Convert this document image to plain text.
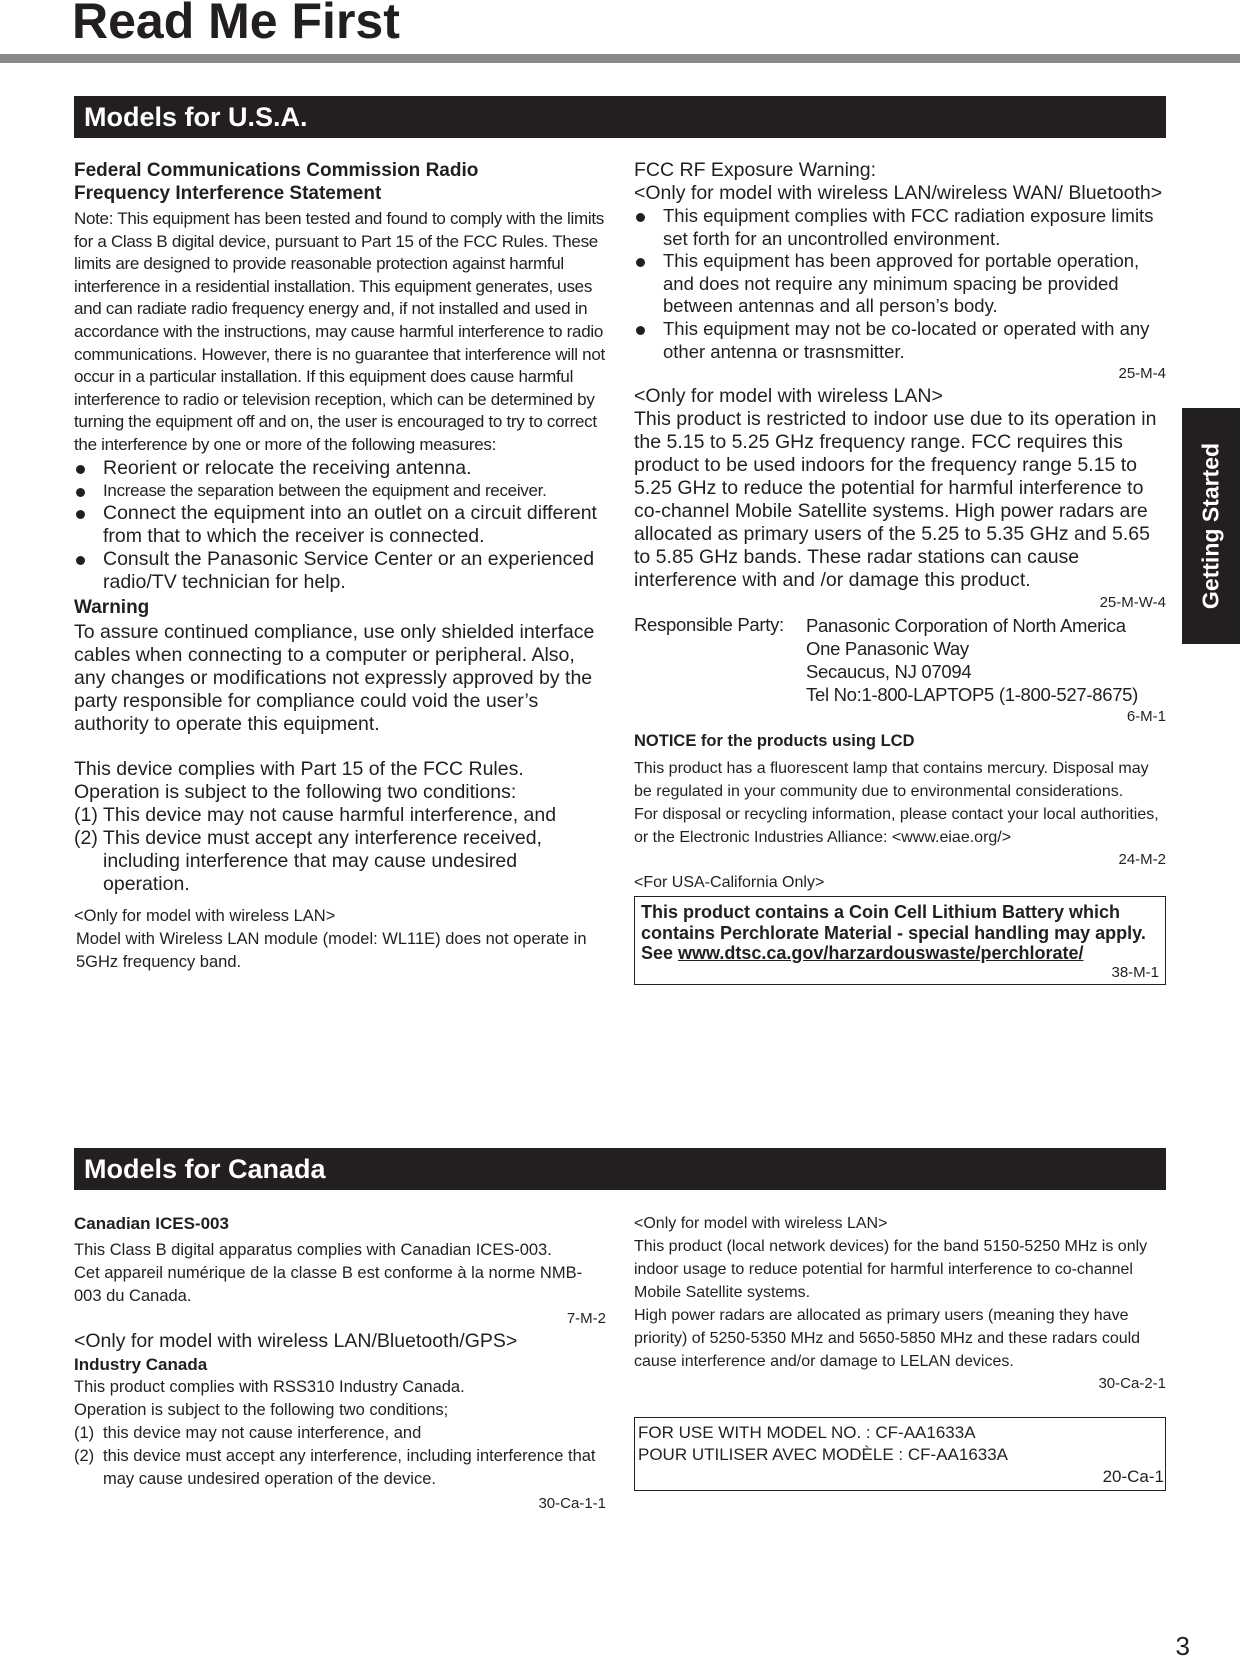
Read Me First
Getting Started
Models for U.S.A.
Federal Communications Commission Radio
Frequency Interference Statement
Note: This equipment has been tested and found to comply with the limits for a Class B digital device, pursuant to Part 15 of the FCC Rules. These limits are designed to provide reasonable protection against harmful interference in a residential installation. This equipment generates, uses and can radiate radio frequency energy and, if not installed and used in accordance with the instructions, may cause harmful interference to radio communications. However, there is no guarantee that interference will not occur in a particular installation. If this equipment does cause harmful interference to radio or television reception, which can be determined by turning the equipment off and on, the user is encouraged to try to correct the interference by one or more of the following measures:
Reorient or relocate the receiving antenna.
Increase the separation between the equipment and receiver.
Connect the equipment into an outlet on a circuit different from that to which the receiver is connected.
Consult the Panasonic Service Center or an experienced radio/TV technician for help.
Warning
To assure continued compliance, use only shielded interface cables when connecting to a computer or peripheral. Also, any changes or modifications not expressly approved by the party responsible for compliance could void the user’s authority to operate this equipment.
This device complies with Part 15 of the FCC Rules.
Operation is subject to the following two conditions:
(1) This device may not cause harmful interference, and
(2) This device must accept any interference received, including interference that may cause undesired operation.
<Only for model with wireless LAN>
Model with Wireless LAN module (model: WL11E) does not operate in 5GHz frequency band.
FCC RF Exposure Warning:
<Only for model with wireless LAN/wireless WAN/ Bluetooth>
This equipment complies with FCC radiation exposure limits set forth for an uncontrolled environment.
This equipment has been approved for portable operation, and does not require any minimum spacing be provided between antennas and all person’s body.
This equipment may not be co-located or operated with any other antenna or trasnsmitter.
25-M-4
<Only for model with wireless LAN>
This product is restricted to indoor use due to its operation in the 5.15 to 5.25 GHz frequency range. FCC requires this product to be used indoors for the frequency range 5.15 to 5.25 GHz to reduce the potential for harmful interference to co-channel Mobile Satellite systems. High power radars are allocated as primary users of the 5.25 to 5.35 GHz and 5.65 to 5.85 GHz bands. These radar stations can cause interference with and /or damage this product.
25-M-W-4
Responsible Party:	Panasonic Corporation of North America
One Panasonic Way
Secaucus, NJ 07094
Tel No:1-800-LAPTOP5 (1-800-527-8675)
6-M-1
NOTICE for the products using LCD
This product has a fluorescent lamp that contains mercury. Disposal may be regulated in your community due to environmental considerations.
For disposal or recycling information, please contact your local authorities, or the Electronic Industries Alliance: <www.eiae.org/>
24-M-2
<For USA-California Only>
This product contains a Coin Cell Lithium Battery which contains Perchlorate Material - special handling may apply.
See www.dtsc.ca.gov/harzardouswaste/perchlorate/
38-M-1
Models for Canada
Canadian ICES-003
This Class B digital apparatus complies with Canadian ICES-003.
Cet appareil numérique de la classe B est conforme à la norme NMB-003 du Canada.
7-M-2
<Only for model with wireless LAN/Bluetooth/GPS>
Industry Canada
This product complies with RSS310 Industry Canada.
Operation is subject to the following two conditions;
(1) this device may not cause interference, and
(2) this device must accept any interference, including interference that may cause undesired operation of the device.
30-Ca-1-1
<Only for model with wireless LAN>
This product (local network devices) for the band 5150-5250 MHz is only indoor usage to reduce potential for harmful interference to co-channel Mobile Satellite systems.
High power radars are allocated as primary users (meaning they have priority) of 5250-5350 MHz and 5650-5850 MHz and these radars could cause interference and/or damage to LELAN devices.
30-Ca-2-1
FOR USE WITH MODEL NO. : CF-AA1633A
POUR UTILISER AVEC MODÈLE : CF-AA1633A
20-Ca-1
3
